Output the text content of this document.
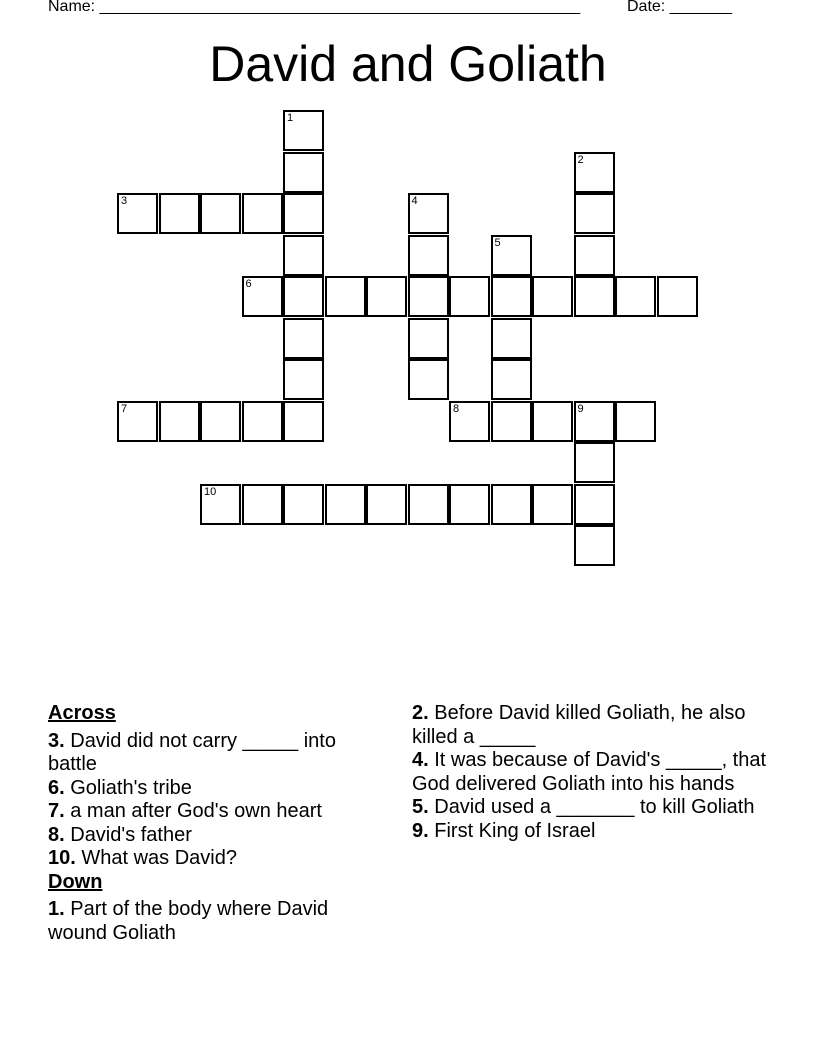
Name: ______________________________________________________	Date: _______
David and Goliath
1
2
3	4
5
6
7	8	9
10
Across
3. David did not carry _____ into battle
6. Goliath's tribe
7. a man after God's own heart
8. David's father
10. What was David?
Down
1. Part of the body where David wound Goliath
2. Before David killed Goliath, he also killed a _____
4. It was because of David's _____, that God delivered Goliath into his hands
5. David used a _______ to kill Goliath
9. First King of Israel
